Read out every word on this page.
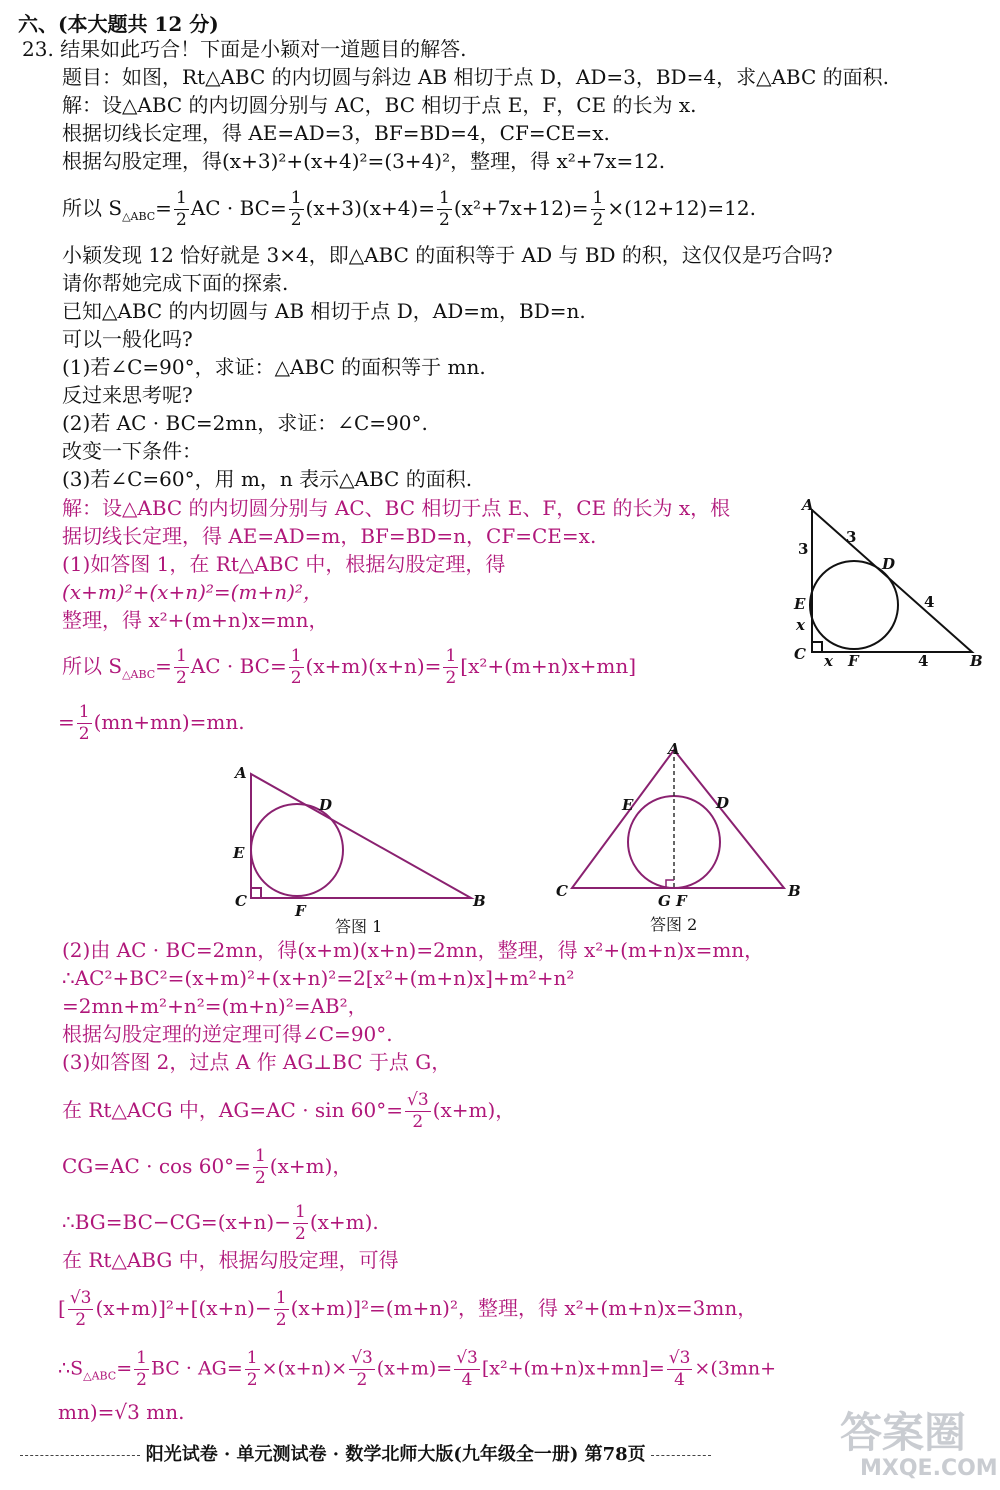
六、(本大题共 12 分)
23. 结果如此巧合！下面是小颖对一道题目的解答.
题目：如图，Rt△ABC 的内切圆与斜边 AB 相切于点 D，AD=3，BD=4，求△ABC 的面积.
解：设△ABC 的内切圆分别与 AC，BC 相切于点 E，F，CE 的长为 x.
根据切线长定理，得 AE=AD=3，BF=BD=4，CF=CE=x.
根据勾股定理，得(x+3)²+(x+4)²=(3+4)²，整理，得 x²+7x=12.
所以 $S_{\triangle ABC}= \frac{1}{2}$ AC · $BC= \frac{1}{2} (x+3)(x+4)= \frac{1}{2} (x^2+7x+12)= \frac{1}{2} \times(12+12)=12$.
小颖发现 12 恰好就是 3×4，即△ABC 的面积等于 AD 与 BD 的积，这仅仅是巧合吗?
请你帮她完成下面的探索.
已知△ABC 的内切圆与 AB 相切于点 D，AD=m，BD=n.
可以一般化吗?
(1)若∠C=90°，求证：△ABC 的面积等于 mn.
反过来思考呢?
(2)若 AC · BC=2mn，求证：∠C=90°.
改变一下条件：
(3)若∠C=60°，用 m，n 表示△ABC 的面积.
解：设△ABC 的内切圆分别与 AC、BC 相切于点 E、F，CE 的长为 x，根
据切线长定理，得 AE=AD=m，BF=BD=n，CF=CE=x.
(1)如答图 1，在 Rt△ABC 中，根据勾股定理，得
(x+m)²+(x+n)²=(m+n)²，
整理，得 x²+(m+n)x=mn，
所以 $S_{\triangle ABC}= \frac{1}{2}$ AC · $BC= \frac{1}{2} (x+m)(x+n)= \frac{1}{2} [x^2+(m+n)x+mn]$
= $\frac{1}{2} (mn+mn)=mn$.
A
B
C
D
E
F
x
x
3
3
4
4
A
B
C
D
E
F
答图 1
A
C	B
E	D
G F
答图 2
(2)由 AC · BC=2mn，得(x+m)(x+n)=2mn，整理，得 x²+(m+n)x=mn，
∴AC²+BC²=(x+m)²+(x+n)²=2[x²+(m+n)x]+m²+n²
=2mn+m²+n²=(m+n)²=AB²，
根据勾股定理的逆定理可得∠C=90°.
(3)如答图 2，过点 A 作 AG⊥BC 于点 G，
在 Rt△ACG 中，$AG=AC \cdot \sin 60^\circ= \frac{√3}{2} (x+m)$，
$CG=AC \cdot \cos 60^\circ= \frac{1}{2} (x+m)$，
∴BG=BC−CG=(x+n)− $\frac{1}{2} (x+m)$.
在 Rt△ABG 中，根据勾股定理，可得
[ $\frac{√3}{2} (x+m)]^2+[(x+n)- \frac{1}{2} (x+m)]^2=(m+n)^2$，整理，得 x²+(m+n)x=3mn，
$\therefore S_{\triangle ABC}= \frac{1}{2}$ BC · $AG= \frac{1}{2} \times(x+n)\times \frac{√3}{2} (x+m)= \frac{√3}{4} [x^2+(m+n)x+mn]= \frac{√3}{4} \times(3mn+$
mn)=√3 mn.
阳光试卷 · 单元测试卷 · 数学北师大版(九年级全一册) 第78页	答案圈
MXQE.COM
